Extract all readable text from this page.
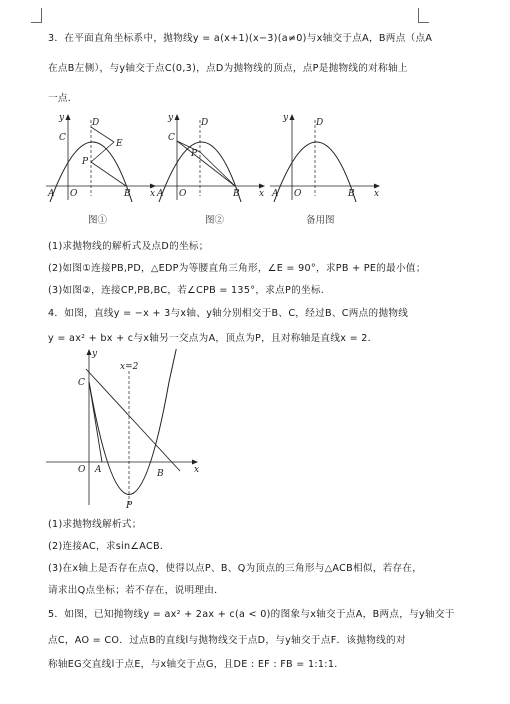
3．在平面直角坐标系中，抛物线y = a(x+1)(x−3)(a≠0)与x轴交于点A，B两点（点A
在点B左侧），与y轴交于点C(0,3)，点D为抛物线的顶点，点P是抛物线的对称轴上
一点．
y	D
C
E
P
A O	B x
y	D
C
P
A O	B x
y	D
A O	B x
图①	图②	备用图
(1)求抛物线的解析式及点D的坐标；
(2)如图①连接PB,PD，△EDP为等腰直角三角形，∠E = 90°，求PB + PE的最小值；
(3)如图②，连接CP,PB,BC，若∠CPB = 135°，求点P的坐标.
4．如图，直线y = −x + 3与x轴、y轴分别相交于B、C，经过B、C两点的抛物线
y = ax² + bx + c与x轴另一交点为A，顶点为P，且对称轴是直线x = 2．
y
x=2
C
O A	B	x
P
(1)求抛物线解析式；
(2)连接AC，求sin∠ACB．
(3)在x轴上是否存在点Q，使得以点P、B、Q为顶点的三角形与△ACB相似，若存在，
请求出Q点坐标；若不存在，说明理由．
5．如图，已知抛物线y = ax² + 2ax + c(a < 0)的图象与x轴交于点A，B两点，与y轴交于
点C，AO = CO．过点B的直线l与抛物线交于点D，与y轴交于点F．该抛物线的对
称轴EG交直线l于点E，与x轴交于点G，且DE : EF : FB = 1:1:1．
